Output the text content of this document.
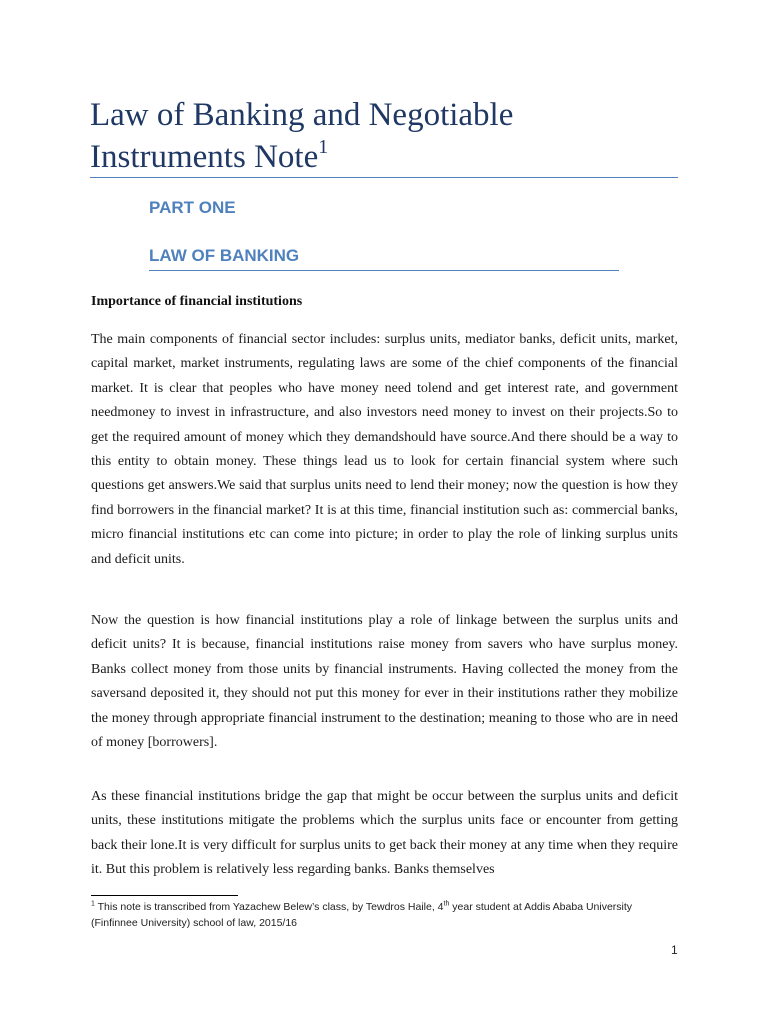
Law of Banking and Negotiable
Instruments Note$^1$
PART ONE
LAW OF BANKING
Importance of financial institutions

The main components of financial sector includes: surplus units, mediator banks, deficit units, market, capital market, market instruments, regulating laws are some of the chief components of the financial market. It is clear that peoples who have money need tolend and get interest rate, and government needmoney to invest in infrastructure, and also investors need money to invest on their projects.So to get the required amount of money which they demandshould have source.And there should be a way to this entity to obtain money. These things lead us to look for certain financial system where such questions get answers.We said that surplus units need to lend their money; now the question is how they find borrowers in the financial market? It is at this time, financial institution such as: commercial banks, micro financial institutions etc can come into picture; in order to play the role of linking surplus units and deficit units.

Now the question is how financial institutions play a role of linkage between the surplus units and deficit units? It is because, financial institutions raise money from savers who have surplus money. Banks collect money from those units by financial instruments. Having collected the money from the saversand deposited it, they should not put this money for ever in their institutions rather they mobilize the money through appropriate financial instrument to the destination; meaning to those who are in need of money [borrowers].

As these financial institutions bridge the gap that might be occur between the surplus units and deficit units, these institutions mitigate the problems which the surplus units face or encounter from getting back their lone.It is very difficult for surplus units to get back their money at any time when they require it. But this problem is relatively less regarding banks. Banks themselves

$^1$ This note is transcribed from Yazachew Belew’s class, by Tewdros Haile, 4th year student at Addis Ababa University (Finfinnee University) school of law, 2015/16

1
